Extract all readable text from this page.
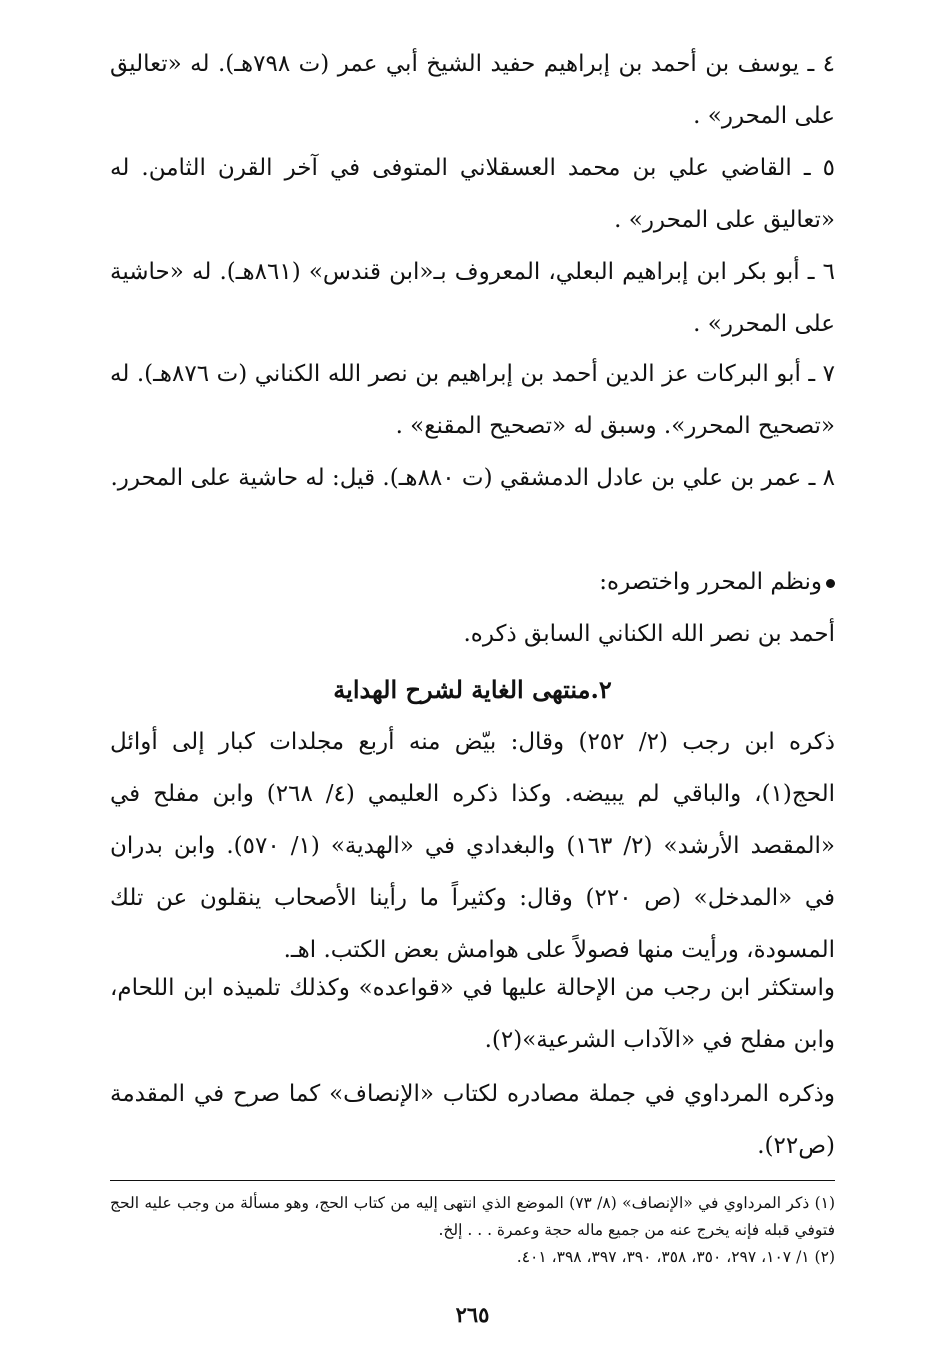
٤ ـ يوسف بن أحمد بن إبراهيم حفيد الشيخ أبي عمر (ت ٧٩٨هـ). له «تعاليق على المحرر» .
٥ ـ القاضي علي بن محمد العسقلاني المتوفى في آخر القرن الثامن. له «تعاليق على المحرر» .
٦ ـ أبو بكر ابن إبراهيم البعلي، المعروف بـ«ابن قندس» (٨٦١هـ). له «حاشية على المحرر» .
٧ ـ أبو البركات عز الدين أحمد بن إبراهيم بن نصر الله الكناني (ت ٨٧٦هـ). له «تصحيح المحرر». وسبق له «تصحيح المقنع» .
٨ ـ عمر بن علي بن عادل الدمشقي (ت ٨٨٠هـ). قيل: له حاشية على المحرر.
ونظم المحرر واختصره:
أحمد بن نصر الله الكناني السابق ذكره.
٢.منتهى الغاية لشرح الهداية
ذكره ابن رجب (٢/ ٢٥٢) وقال: بيّض منه أربع مجلدات كبار إلى أوائل الحج(١)، والباقي لم يبيضه. وكذا ذكره العليمي (٤/ ٢٦٨) وابن مفلح في «المقصد الأرشد» (٢/ ١٦٣) والبغدادي في «الهدية» (١/ ٥٧٠). وابن بدران في «المدخل» (ص ٢٢٠) وقال: وكثيراً ما رأينا الأصحاب ينقلون عن تلك المسودة، ورأيت منها فصولاً على هوامش بعض الكتب. اهـ.
واستكثر ابن رجب من الإحالة عليها في «قواعده» وكذلك تلميذه ابن اللحام، وابن مفلح في «الآداب الشرعية»(٢).
وذكره المرداوي في جملة مصادره لكتاب «الإنصاف» كما صرح في المقدمة (ص٢٢).
(١) ذكر المرداوي في «الإنصاف» (٨/ ٧٣) الموضع الذي انتهى إليه من كتاب الحج، وهو مسألة من وجب عليه الحج فتوفي قبله فإنه يخرج عنه من جميع ماله حجة وعمرة . . . إلخ.
(٢) ١/ ١٠٧، ٢٩٧، ٣٥٠، ٣٥٨، ٣٩٠، ٣٩٧، ٣٩٨، ٤٠١.
٢٦٥
